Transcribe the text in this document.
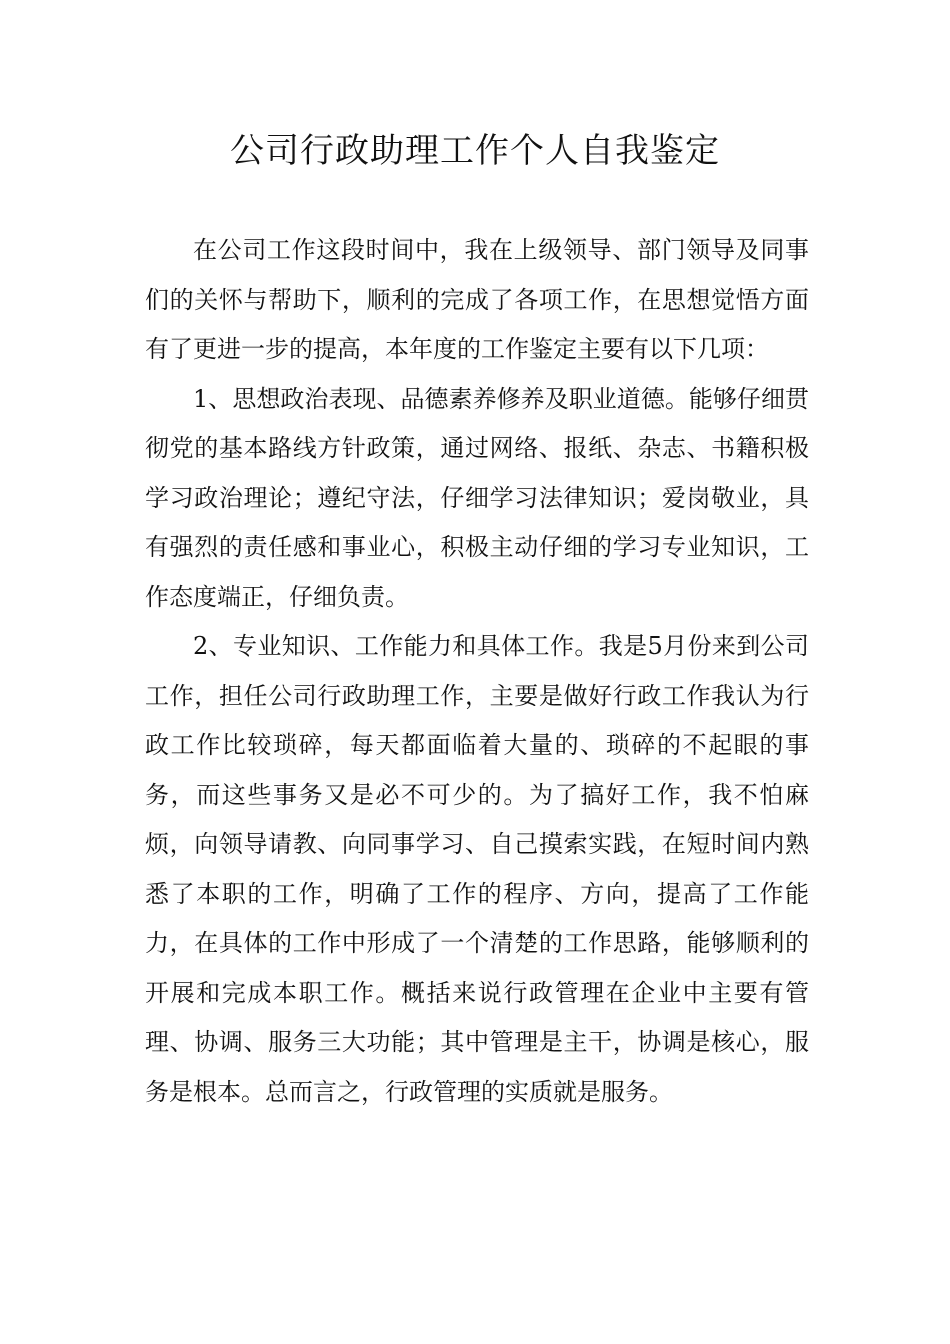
公司行政助理工作个人自我鉴定

在公司工作这段时间中，我在上级领导、部门领导及同事们的关怀与帮助下，顺利的完成了各项工作，在思想觉悟方面有了更进一步的提高，本年度的工作鉴定主要有以下几项：

1、思想政治表现、品德素养修养及职业道德。能够仔细贯彻党的基本路线方针政策，通过网络、报纸、杂志、书籍积极学习政治理论；遵纪守法，仔细学习法律知识；爱岗敬业，具有强烈的责任感和事业心，积极主动仔细的学习专业知识，工作态度端正，仔细负责。

2、专业知识、工作能力和具体工作。我是5月份来到公司工作，担任公司行政助理工作，主要是做好行政工作我认为行政工作比较琐碎，每天都面临着大量的、琐碎的不起眼的事务，而这些事务又是必不可少的。为了搞好工作，我不怕麻烦，向领导请教、向同事学习、自己摸索实践，在短时间内熟悉了本职的工作，明确了工作的程序、方向，提高了工作能力，在具体的工作中形成了一个清楚的工作思路，能够顺利的开展和完成本职工作。概括来说行政管理在企业中主要有管理、协调、服务三大功能；其中管理是主干，协调是核心，服务是根本。总而言之，行政管理的实质就是服务。
